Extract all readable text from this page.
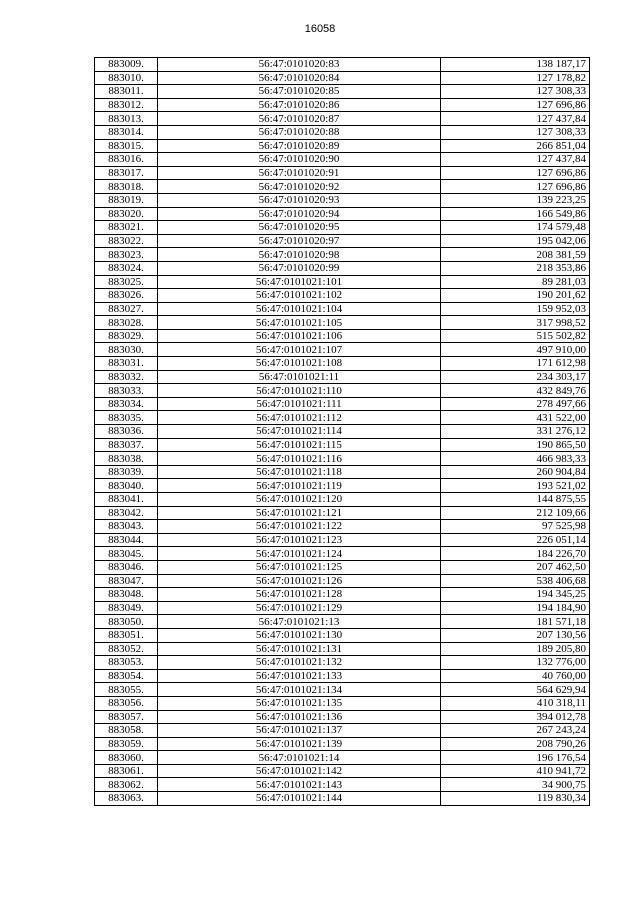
16058
883009.	56:47:0101020:83	138 187,17
883010.	56:47:0101020:84	127 178,82
883011.	56:47:0101020:85	127 308,33
883012.	56:47:0101020:86	127 696,86
883013.	56:47:0101020:87	127 437,84
883014.	56:47:0101020:88	127 308,33
883015.	56:47:0101020:89	266 851,04
883016.	56:47:0101020:90	127 437,84
883017.	56:47:0101020:91	127 696,86
883018.	56:47:0101020:92	127 696,86
883019.	56:47:0101020:93	139 223,25
883020.	56:47:0101020:94	166 549,86
883021.	56:47:0101020:95	174 579,48
883022.	56:47:0101020:97	195 042,06
883023.	56:47:0101020:98	208 381,59
883024.	56:47:0101020:99	218 353,86
883025.	56:47:0101021:101	89 281,03
883026.	56:47:0101021:102	190 201,62
883027.	56:47:0101021:104	159 952,03
883028.	56:47:0101021:105	317 998,52
883029.	56:47:0101021:106	515 502,82
883030.	56:47:0101021:107	497 910,00
883031.	56:47:0101021:108	171 612,98
883032.	56:47:0101021:11	234 303,17
883033.	56:47:0101021:110	432 849,76
883034.	56:47:0101021:111	278 497,66
883035.	56:47:0101021:112	431 522,00
883036.	56:47:0101021:114	331 276,12
883037.	56:47:0101021:115	190 865,50
883038.	56:47:0101021:116	466 983,33
883039.	56:47:0101021:118	260 904,84
883040.	56:47:0101021:119	193 521,02
883041.	56:47:0101021:120	144 875,55
883042.	56:47:0101021:121	212 109,66
883043.	56:47:0101021:122	97 525,98
883044.	56:47:0101021:123	226 051,14
883045.	56:47:0101021:124	184 226,70
883046.	56:47:0101021:125	207 462,50
883047.	56:47:0101021:126	538 406,68
883048.	56:47:0101021:128	194 345,25
883049.	56:47:0101021:129	194 184,90
883050.	56:47:0101021:13	181 571,18
883051.	56:47:0101021:130	207 130,56
883052.	56:47:0101021:131	189 205,80
883053.	56:47:0101021:132	132 776,00
883054.	56:47:0101021:133	40 760,00
883055.	56:47:0101021:134	564 629,94
883056.	56:47:0101021:135	410 318,11
883057.	56:47:0101021:136	394 012,78
883058.	56:47:0101021:137	267 243,24
883059.	56:47:0101021:139	208 790,26
883060.	56:47:0101021:14	196 176,54
883061.	56:47:0101021:142	410 941,72
883062.	56:47:0101021:143	34 900,75
883063.	56:47:0101021:144	119 830,34
